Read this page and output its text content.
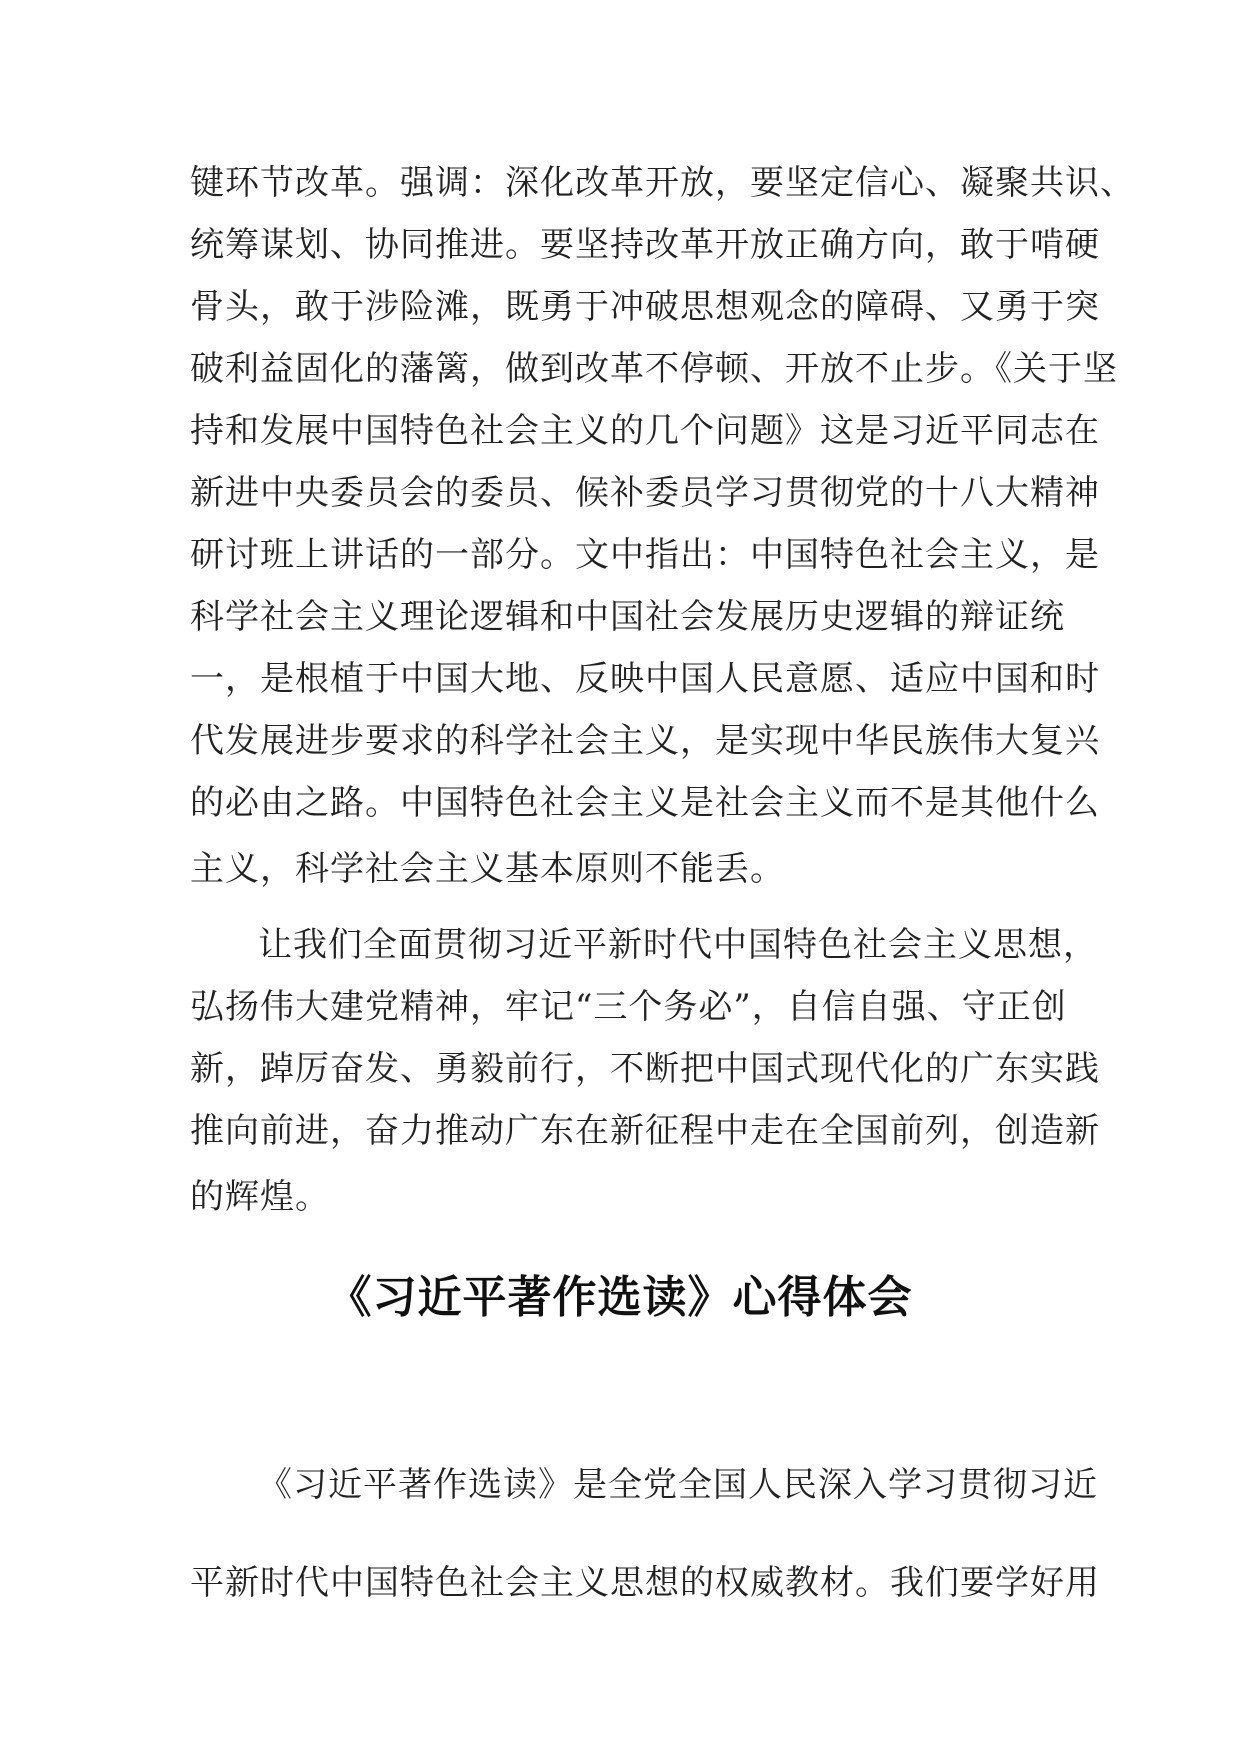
键环节改革。强调：深化改革开放，要坚定信心、凝聚共识、
统筹谋划、协同推进。要坚持改革开放正确方向，敢于啃硬
骨头，敢于涉险滩，既勇于冲破思想观念的障碍、又勇于突
破利益固化的藩篱，做到改革不停顿、开放不止步。《关于坚
持和发展中国特色社会主义的几个问题》这是习近平同志在
新进中央委员会的委员、候补委员学习贯彻党的十八大精神
研讨班上讲话的一部分。文中指出：中国特色社会主义，是
科学社会主义理论逻辑和中国社会发展历史逻辑的辩证统
一，是根植于中国大地、反映中国人民意愿、适应中国和时
代发展进步要求的科学社会主义，是实现中华民族伟大复兴
的必由之路。中国特色社会主义是社会主义而不是其他什么
主义，科学社会主义基本原则不能丢。
让我们全面贯彻习近平新时代中国特色社会主义思想，
弘扬伟大建党精神，牢记“三个务必”，自信自强、守正创
新，踔厉奋发、勇毅前行，不断把中国式现代化的广东实践
推向前进，奋力推动广东在新征程中走在全国前列，创造新
的辉煌。
《习近平著作选读》心得体会
《习近平著作选读》是全党全国人民深入学习贯彻习近
平新时代中国特色社会主义思想的权威教材。我们要学好用
